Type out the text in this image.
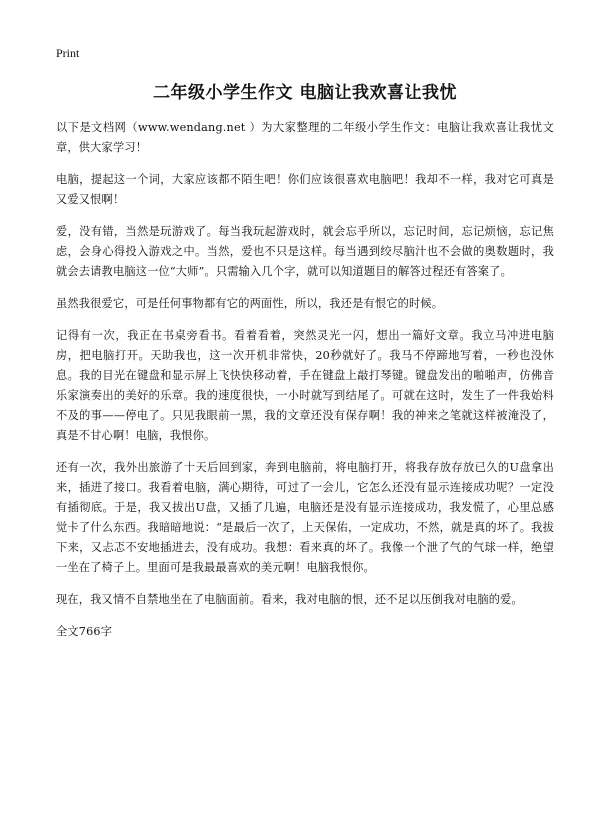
Print
二年级小学生作文 电脑让我欢喜让我忧

以下是文档网（www.wendang.net ）为大家整理的二年级小学生作文：电脑让我欢喜让我忧文章，供大家学习！

电脑，提起这一个词，大家应该都不陌生吧！你们应该很喜欢电脑吧！我却不一样，我对它可真是又爱又恨啊！

爱，没有错，当然是玩游戏了。每当我玩起游戏时，就会忘乎所以，忘记时间，忘记烦恼，忘记焦虑，会身心得投入游戏之中。当然，爱也不只是这样。每当遇到绞尽脑汁也不会做的奥数题时，我就会去请教电脑这一位“大师”。只需输入几个字，就可以知道题目的解答过程还有答案了。

虽然我很爱它，可是任何事物都有它的两面性，所以，我还是有恨它的时候。

记得有一次，我正在书桌旁看书。看着看着，突然灵光一闪，想出一篇好文章。我立马冲进电脑房，把电脑打开。天助我也，这一次开机非常快，20秒就好了。我马不停蹄地写着，一秒也没休息。我的目光在键盘和显示屏上飞快快移动着，手在键盘上敲打琴键。键盘发出的啪啪声，仿佛音乐家演奏出的美好的乐章。我的速度很快，一小时就写到结尾了。可就在这时，发生了一件我始料不及的事——停电了。只见我眼前一黑，我的文章还没有保存啊！我的神来之笔就这样被淹没了，真是不甘心啊！电脑，我恨你。

还有一次，我外出旅游了十天后回到家，奔到电脑前，将电脑打开，将我存放存放已久的U盘拿出来，插进了接口。我看着电脑，满心期待，可过了一会儿，它怎么还没有显示连接成功呢？一定没有插彻底。于是，我又拔出U盘，又插了几遍，电脑还是没有显示连接成功，我发慌了，心里总感觉卡了什么东西。我暗暗地说：“是最后一次了，上天保佑，一定成功，不然，就是真的坏了。我拔下来，又忐忑不安地插进去，没有成功。我想：看来真的坏了。我像一个泄了气的气球一样，绝望一坐在了椅子上。里面可是我最最喜欢的美元啊！电脑我恨你。

现在，我又情不自禁地坐在了电脑面前。看来，我对电脑的恨，还不足以压倒我对电脑的爱。

全文766字
